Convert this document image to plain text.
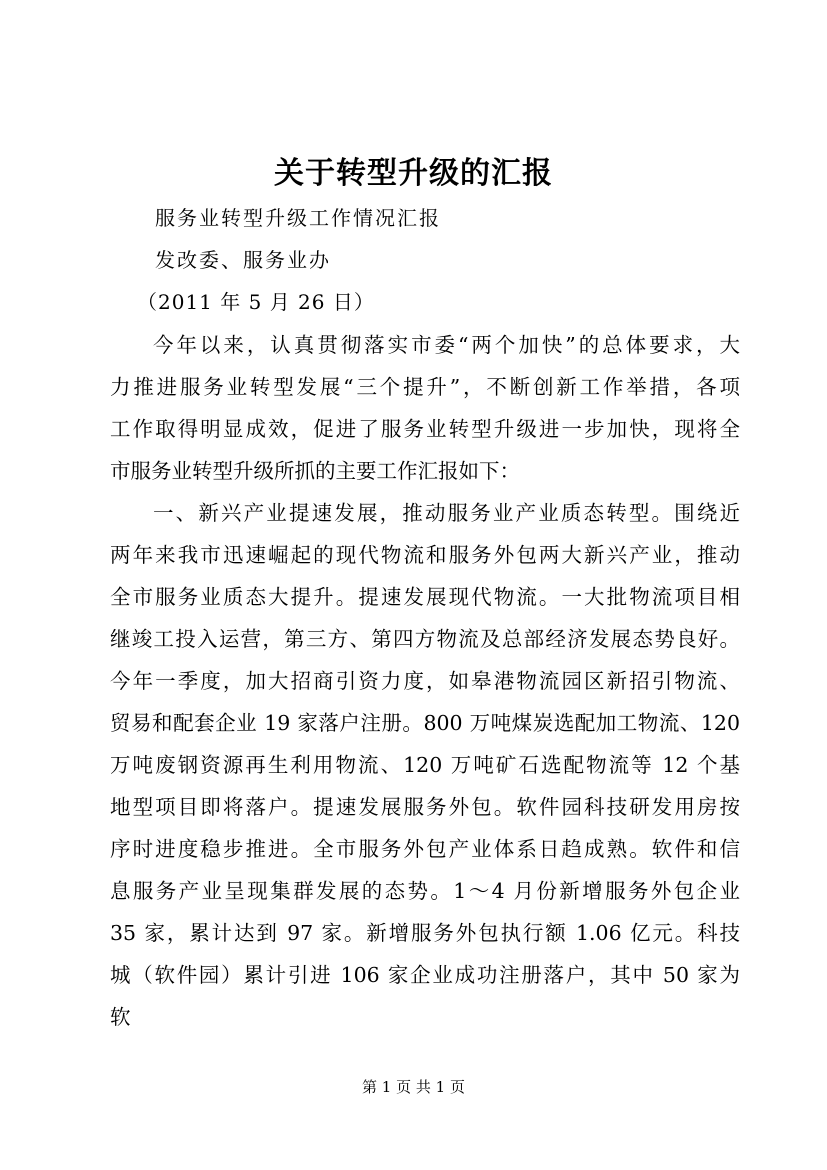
关于转型升级的汇报
服务业转型升级工作情况汇报
发改委、服务业办
（2011 年 5 月 26 日）
今年以来，认真贯彻落实市委“两个加快”的总体要求，大
力推进服务业转型发展“三个提升”，不断创新工作举措，各项
工作取得明显成效，促进了服务业转型升级进一步加快，现将全
市服务业转型升级所抓的主要工作汇报如下：
一、新兴产业提速发展，推动服务业产业质态转型。围绕近
两年来我市迅速崛起的现代物流和服务外包两大新兴产业，推动
全市服务业质态大提升。提速发展现代物流。一大批物流项目相
继竣工投入运营，第三方、第四方物流及总部经济发展态势良好。
今年一季度，加大招商引资力度，如皋港物流园区新招引物流、
贸易和配套企业 19 家落户注册。800 万吨煤炭选配加工物流、120
万吨废钢资源再生利用物流、120 万吨矿石选配物流等 12 个基
地型项目即将落户。提速发展服务外包。软件园科技研发用房按
序时进度稳步推进。全市服务外包产业体系日趋成熟。软件和信
息服务产业呈现集群发展的态势。1～4 月份新增服务外包企业
35 家，累计达到 97 家。新增服务外包执行额 1.06 亿元。科技
城（软件园）累计引进 106 家企业成功注册落户，其中 50 家为
软
第 1 页 共 1 页
